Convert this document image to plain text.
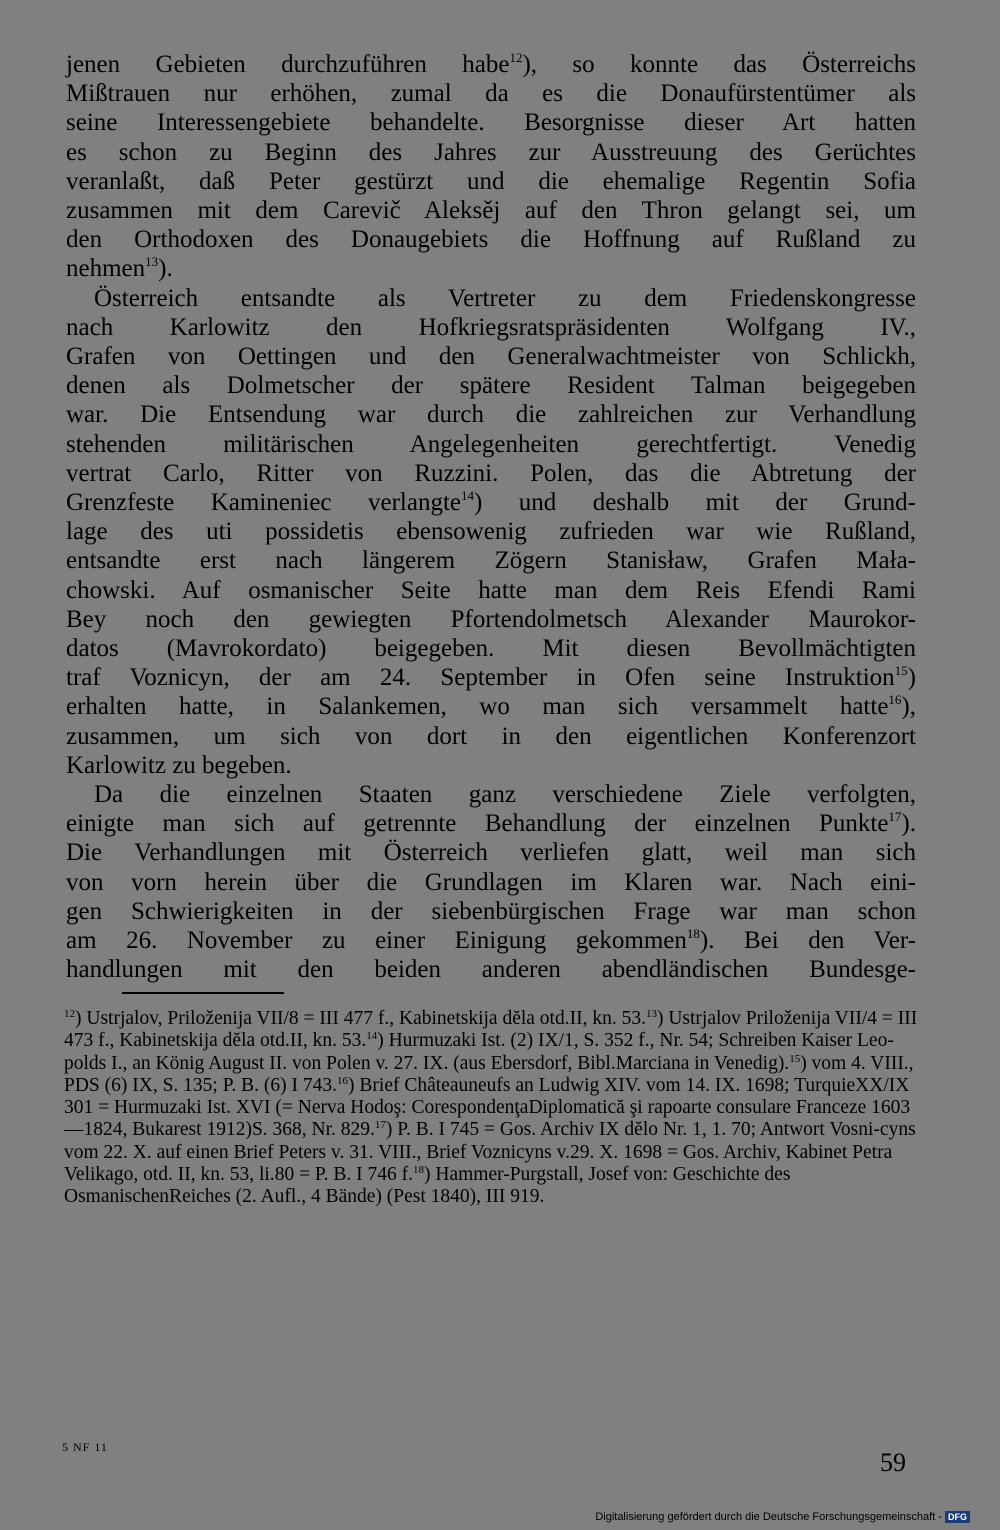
jenen Gebieten durchzuführen habe$^{12}$), so konnte das Österreichs
Mißtrauen nur erhöhen, zumal da es die Donaufürstentümer als
seine Interessengebiete behandelte. Besorgnisse dieser Art hatten
es schon zu Beginn des Jahres zur Ausstreuung des Gerüchtes
veranlaßt, daß Peter gestürzt und die ehemalige Regentin Sofia
zusammen mit dem Carevič Aleksěj auf den Thron gelangt sei, um
den Orthodoxen des Donaugebiets die Hoffnung auf Rußland zu
nehmen$^{13}$).
Österreich entsandte als Vertreter zu dem Friedenskongresse
nach Karlowitz den Hofkriegsratspräsidenten Wolfgang IV.,
Grafen von Oettingen und den Generalwachtmeister von Schlickh,
denen als Dolmetscher der spätere Resident Talman beigegeben
war. Die Entsendung war durch die zahlreichen zur Verhandlung
stehenden militärischen Angelegenheiten gerechtfertigt. Venedig
vertrat Carlo, Ritter von Ruzzini. Polen, das die Abtretung der
Grenzfeste Kamineniec verlangte$^{14}$) und deshalb mit der Grund-
lage des uti possidetis ebensowenig zufrieden war wie Rußland,
entsandte erst nach längerem Zögern Stanisław, Grafen Mała-
chowski. Auf osmanischer Seite hatte man dem Reis Efendi Rami
Bey noch den gewiegten Pfortendolmetsch Alexander Maurokor-
datos (Mavrokordato) beigegeben. Mit diesen Bevollmächtigten
traf Voznicyn, der am 24. September in Ofen seine Instruktion$^{15}$)
erhalten hatte, in Salankemen, wo man sich versammelt hatte$^{16}$),
zusammen, um sich von dort in den eigentlichen Konferenzort
Karlowitz zu begeben.
Da die einzelnen Staaten ganz verschiedene Ziele verfolgten,
einigte man sich auf getrennte Behandlung der einzelnen Punkte$^{17}$).
Die Verhandlungen mit Österreich verliefen glatt, weil man sich
von vorn herein über die Grundlagen im Klaren war. Nach eini-
gen Schwierigkeiten in der siebenbürgischen Frage war man schon
am 26. November zu einer Einigung gekommen$^{18}$). Bei den Ver-
handlungen mit den beiden anderen abendländischen Bundesge-
$^{12}$) Ustrjalov, Priloženija VII/8 = III 477 f., Kabinetskija dĕla otd.II, kn. 53.13) Ustrjalov Priloženija VII/4 = III 473 f., Kabinetskija dĕla otd.II, kn. 53.14) Hurmuzaki Ist. (2) IX/1, S. 352 f., Nr. 54; Schreiben Kaiser Leo-polds I., an König August II. von Polen v. 27. IX. (aus Ebersdorf, Bibl.Marciana in Venedig).$^{15}$) vom 4. VIII., PDS (6) IX, S. 135; P. B. (6) I 743.16) Brief Châteauneufs an Ludwig XIV. vom 14. IX. 1698; TurquieXX/IX 301 = Hurmuzaki Ist. XVI (= Nerva Hodoş: CorespondenţaDiplomatică şi rapoarte consulare Franceze 1603—1824, Bukarest 1912)S. 368, Nr. 829.17) P. B. I 745 = Gos. Archiv IX dĕlo Nr. 1, 1. 70; Antwort Vosni-cyns vom 22. X. auf einen Brief Peters v. 31. VIII., Brief Voznicyns v.29. X. 1698 = Gos. Archiv, Kabinet Petra Velikago, otd. II, kn. 53, li.80 = P. B. I 746 f.$^{18}$) Hammer-Purgstall, Josef von: Geschichte des OsmanischenReiches (2. Aufl., 4 Bände) (Pest 1840), III 919.
5 NF 11
59
Digitalisierung gefördert durch die Deutsche Forschungsgemeinschaft - DFG
